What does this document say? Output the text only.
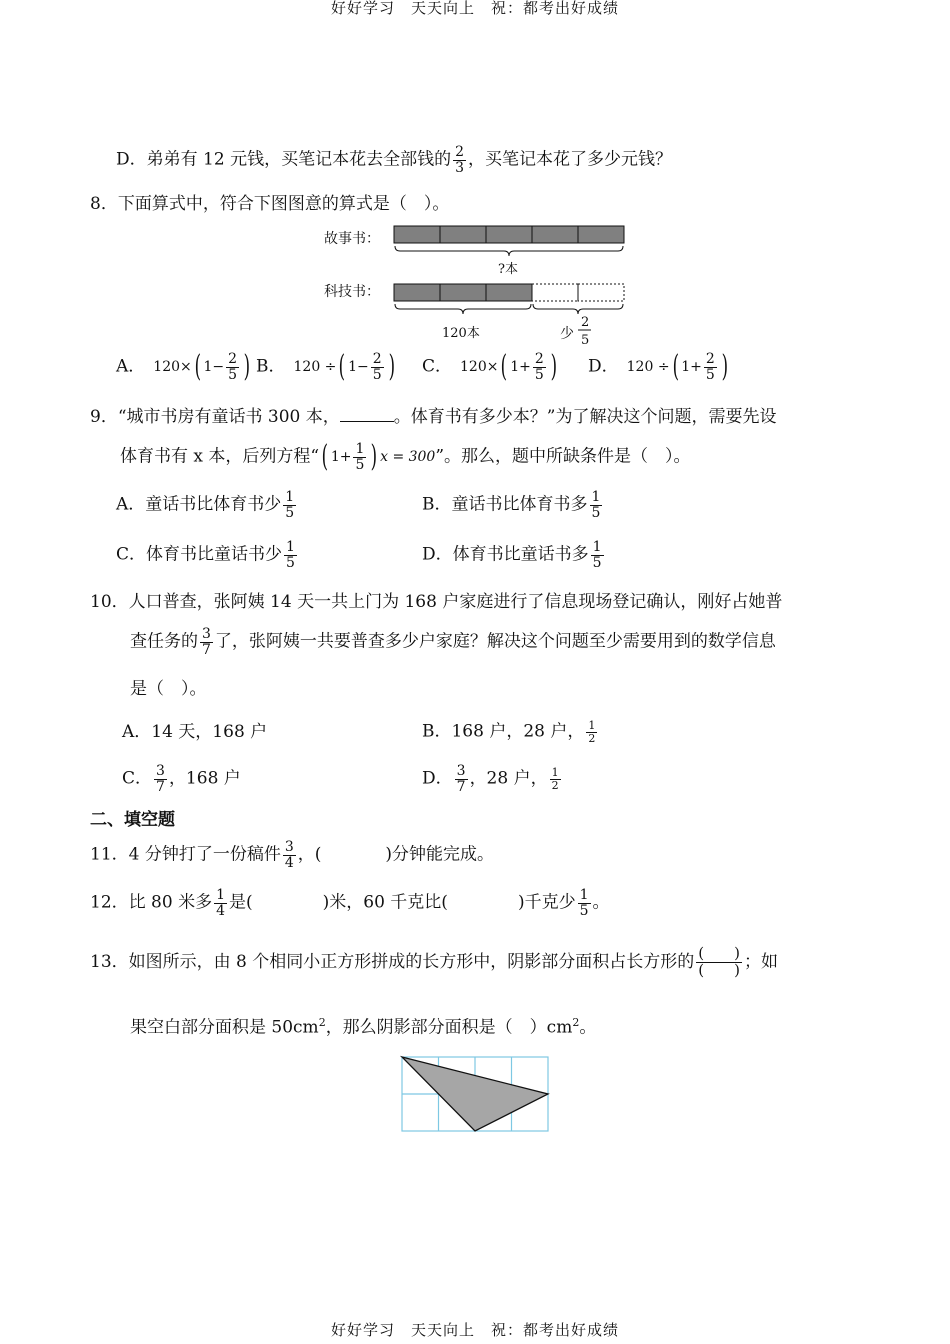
好好学习　天天向上　祝：都考出好成绩
好好学习　天天向上　祝：都考出好成绩
D．弟弟有 12 元钱，买笔记本花去全部钱的 $\frac{2}{3}$ ，买笔记本花了多少元钱？
8．下面算式中，符合下图图意的算式是（　）。
故事书：
科技书：
?本
120本	少
2
5
A． 120× ( $1- \frac{2}{5}$ ) B． 120 ÷ ( $1- \frac{2}{5}$ ) C． 120× ( $1+ \frac{2}{5}$ ) D． 120 ÷ ( $1+ \frac{2}{5}$ )
9．“城市书房有童话书 300 本，	。体育书有多少本？”为了解决这个问题，需要先设
体育书有 x 本，后列方程“ ( $1+ \frac{1}{5}$ ) x = 300 ”。那么，题中所缺条件是（　）。
A．童话书比体育书少 $\frac{1}{5}$	B．童话书比体育书多 $\frac{1}{5}$
C．体育书比童话书少 $\frac{1}{5}$	D．体育书比童话书多 $\frac{1}{5}$
10．人口普查，张阿姨 14 天一共上门为 168 户家庭进行了信息现场登记确认，刚好占她普
查任务的 $\frac{3}{7}$ 了，张阿姨一共要普查多少户家庭？解决这个问题至少需要用到的数学信息
是（　）。
A．14 天，168 户	B．168 户，28 户， $\frac{1}{2}$
C． $\frac{3}{7}$ ，168 户	D． $\frac{3}{7}$ ，28 户， $\frac{1}{2}$
二、填空题
11．4 分钟打了一份稿件 $\frac{3}{4}$ ，(	)分钟能完成。
12．比 80 米多 $\frac{1}{4}$ 是(	)米，60 千克比(	)千克少 $\frac{1}{5}$ 。
13．如图所示，由 8 个相同小正方形拼成的长方形中，阴影部分面积占长方形的 $\frac{( )}{( )}$ ；如
果空白部分面积是 $50cm^2$，那么阴影部分面积是（　）$cm^2$。
